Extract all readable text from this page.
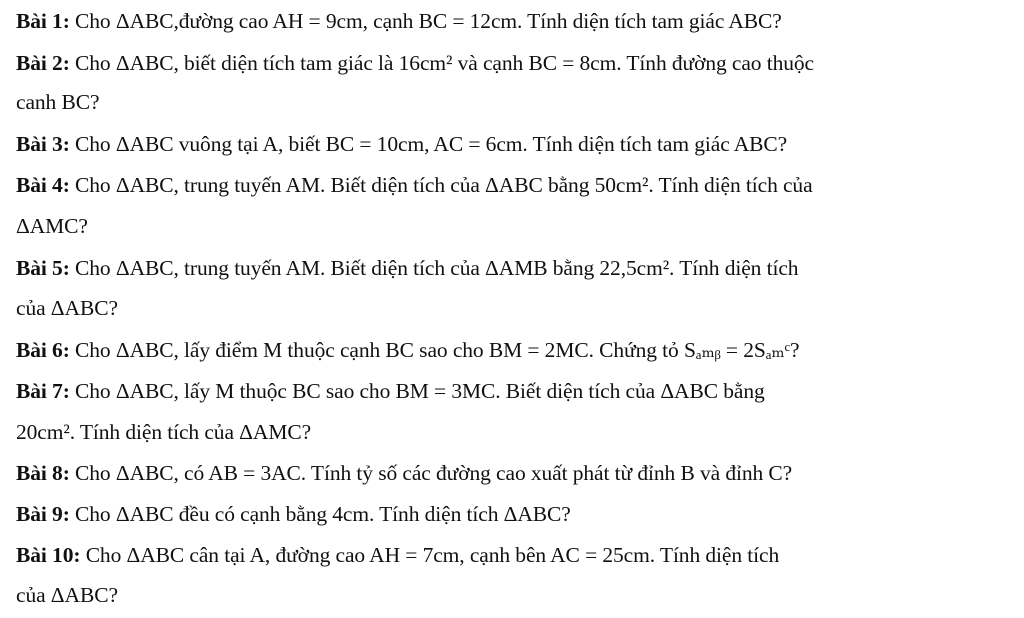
Bài 1: Cho ΔABC,đường cao AH = 9cm, cạnh BC = 12cm. Tính diện tích tam giác ABC?
Bài 2: Cho ΔABC, biết diện tích tam giác là 16cm² và cạnh BC = 8cm. Tính đường cao thuộc
canh BC?
Bài 3: Cho ΔABC vuông tại A, biết BC = 10cm, AC = 6cm. Tính diện tích tam giác ABC?
Bài 4: Cho ΔABC, trung tuyến AM. Biết diện tích của ΔABC bằng 50cm². Tính diện tích của
ΔAMC?
Bài 5: Cho ΔABC, trung tuyến AM. Biết diện tích của ΔAMB bằng 22,5cm². Tính diện tích
của ΔABC?
Bài 6: Cho ΔABC, lấy điểm M thuộc cạnh BC sao cho BM = 2MC. Chứng tỏ Sₐₘᵦ = 2Sₐₘᶜ?
Bài 7: Cho ΔABC, lấy M thuộc BC sao cho BM = 3MC. Biết diện tích của ΔABC bằng
20cm². Tính diện tích của ΔAMC?
Bài 8: Cho ΔABC, có AB = 3AC. Tính tỷ số các đường cao xuất phát từ đỉnh B và đỉnh C?
Bài 9: Cho ΔABC đều có cạnh bằng 4cm. Tính diện tích ΔABC?
Bài 10: Cho ΔABC cân tại A, đường cao AH = 7cm, cạnh bên AC = 25cm. Tính diện tích
của ΔABC?
